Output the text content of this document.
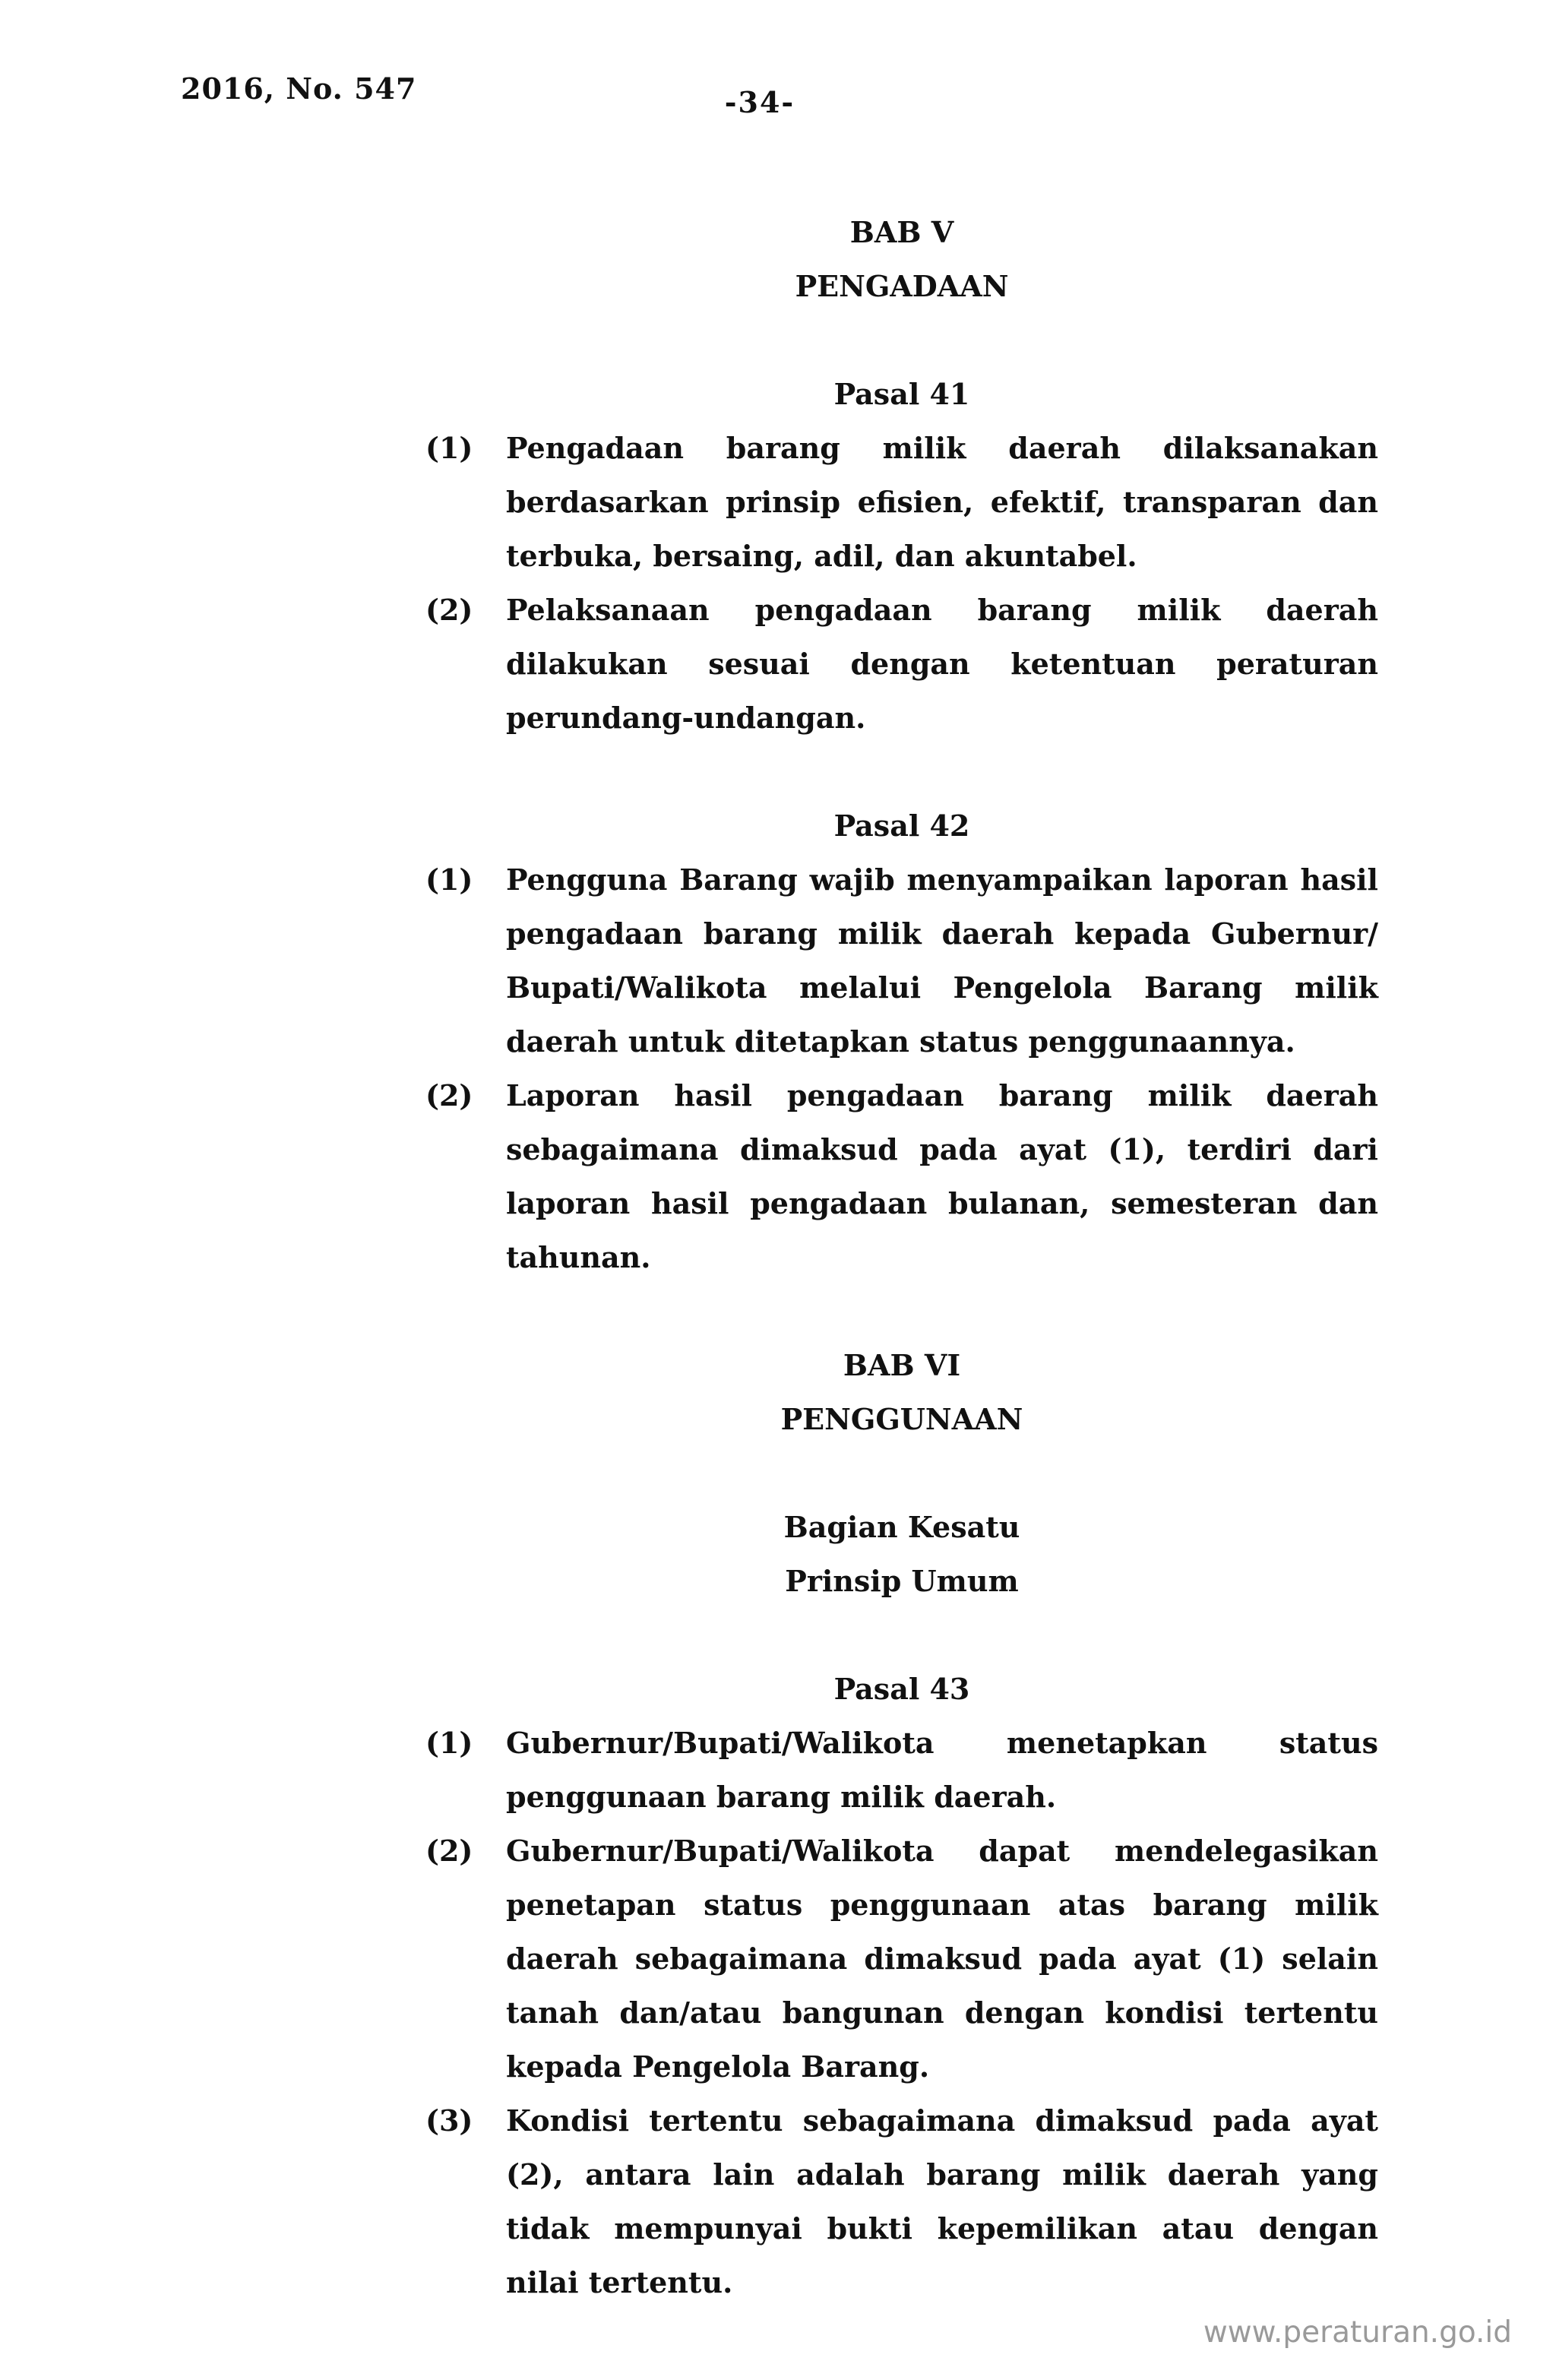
2016, No. 547	-34-

BAB V

PENGADAAN

Pasal 41

(1) Pengadaan barang milik daerah dilaksanakan berdasarkan prinsip efisien, efektif, transparan dan terbuka, bersaing, adil, dan akuntabel.
(2) Pelaksanaan pengadaan barang milik daerah dilakukan sesuai dengan ketentuan peraturan perundang-undangan.

Pasal 42

(1) Pengguna Barang wajib menyampaikan laporan hasil pengadaan barang milik daerah kepada Gubernur/ Bupati/Walikota melalui Pengelola Barang milik daerah untuk ditetapkan status penggunaannya.
(2) Laporan hasil pengadaan barang milik daerah sebagaimana dimaksud pada ayat (1), terdiri dari laporan hasil pengadaan bulanan, semesteran dan tahunan.

BAB VI

PENGGUNAAN

Bagian Kesatu

Prinsip Umum

Pasal 43

(1) Gubernur/Bupati/Walikota menetapkan status penggunaan barang milik daerah.
(2) Gubernur/Bupati/Walikota dapat mendelegasikan penetapan status penggunaan atas barang milik daerah sebagaimana dimaksud pada ayat (1) selain tanah dan/atau bangunan dengan kondisi tertentu kepada Pengelola Barang.
(3) Kondisi tertentu sebagaimana dimaksud pada ayat (2), antara lain adalah barang milik daerah yang tidak mempunyai bukti kepemilikan atau dengan nilai tertentu.
www.peraturan.go.id
